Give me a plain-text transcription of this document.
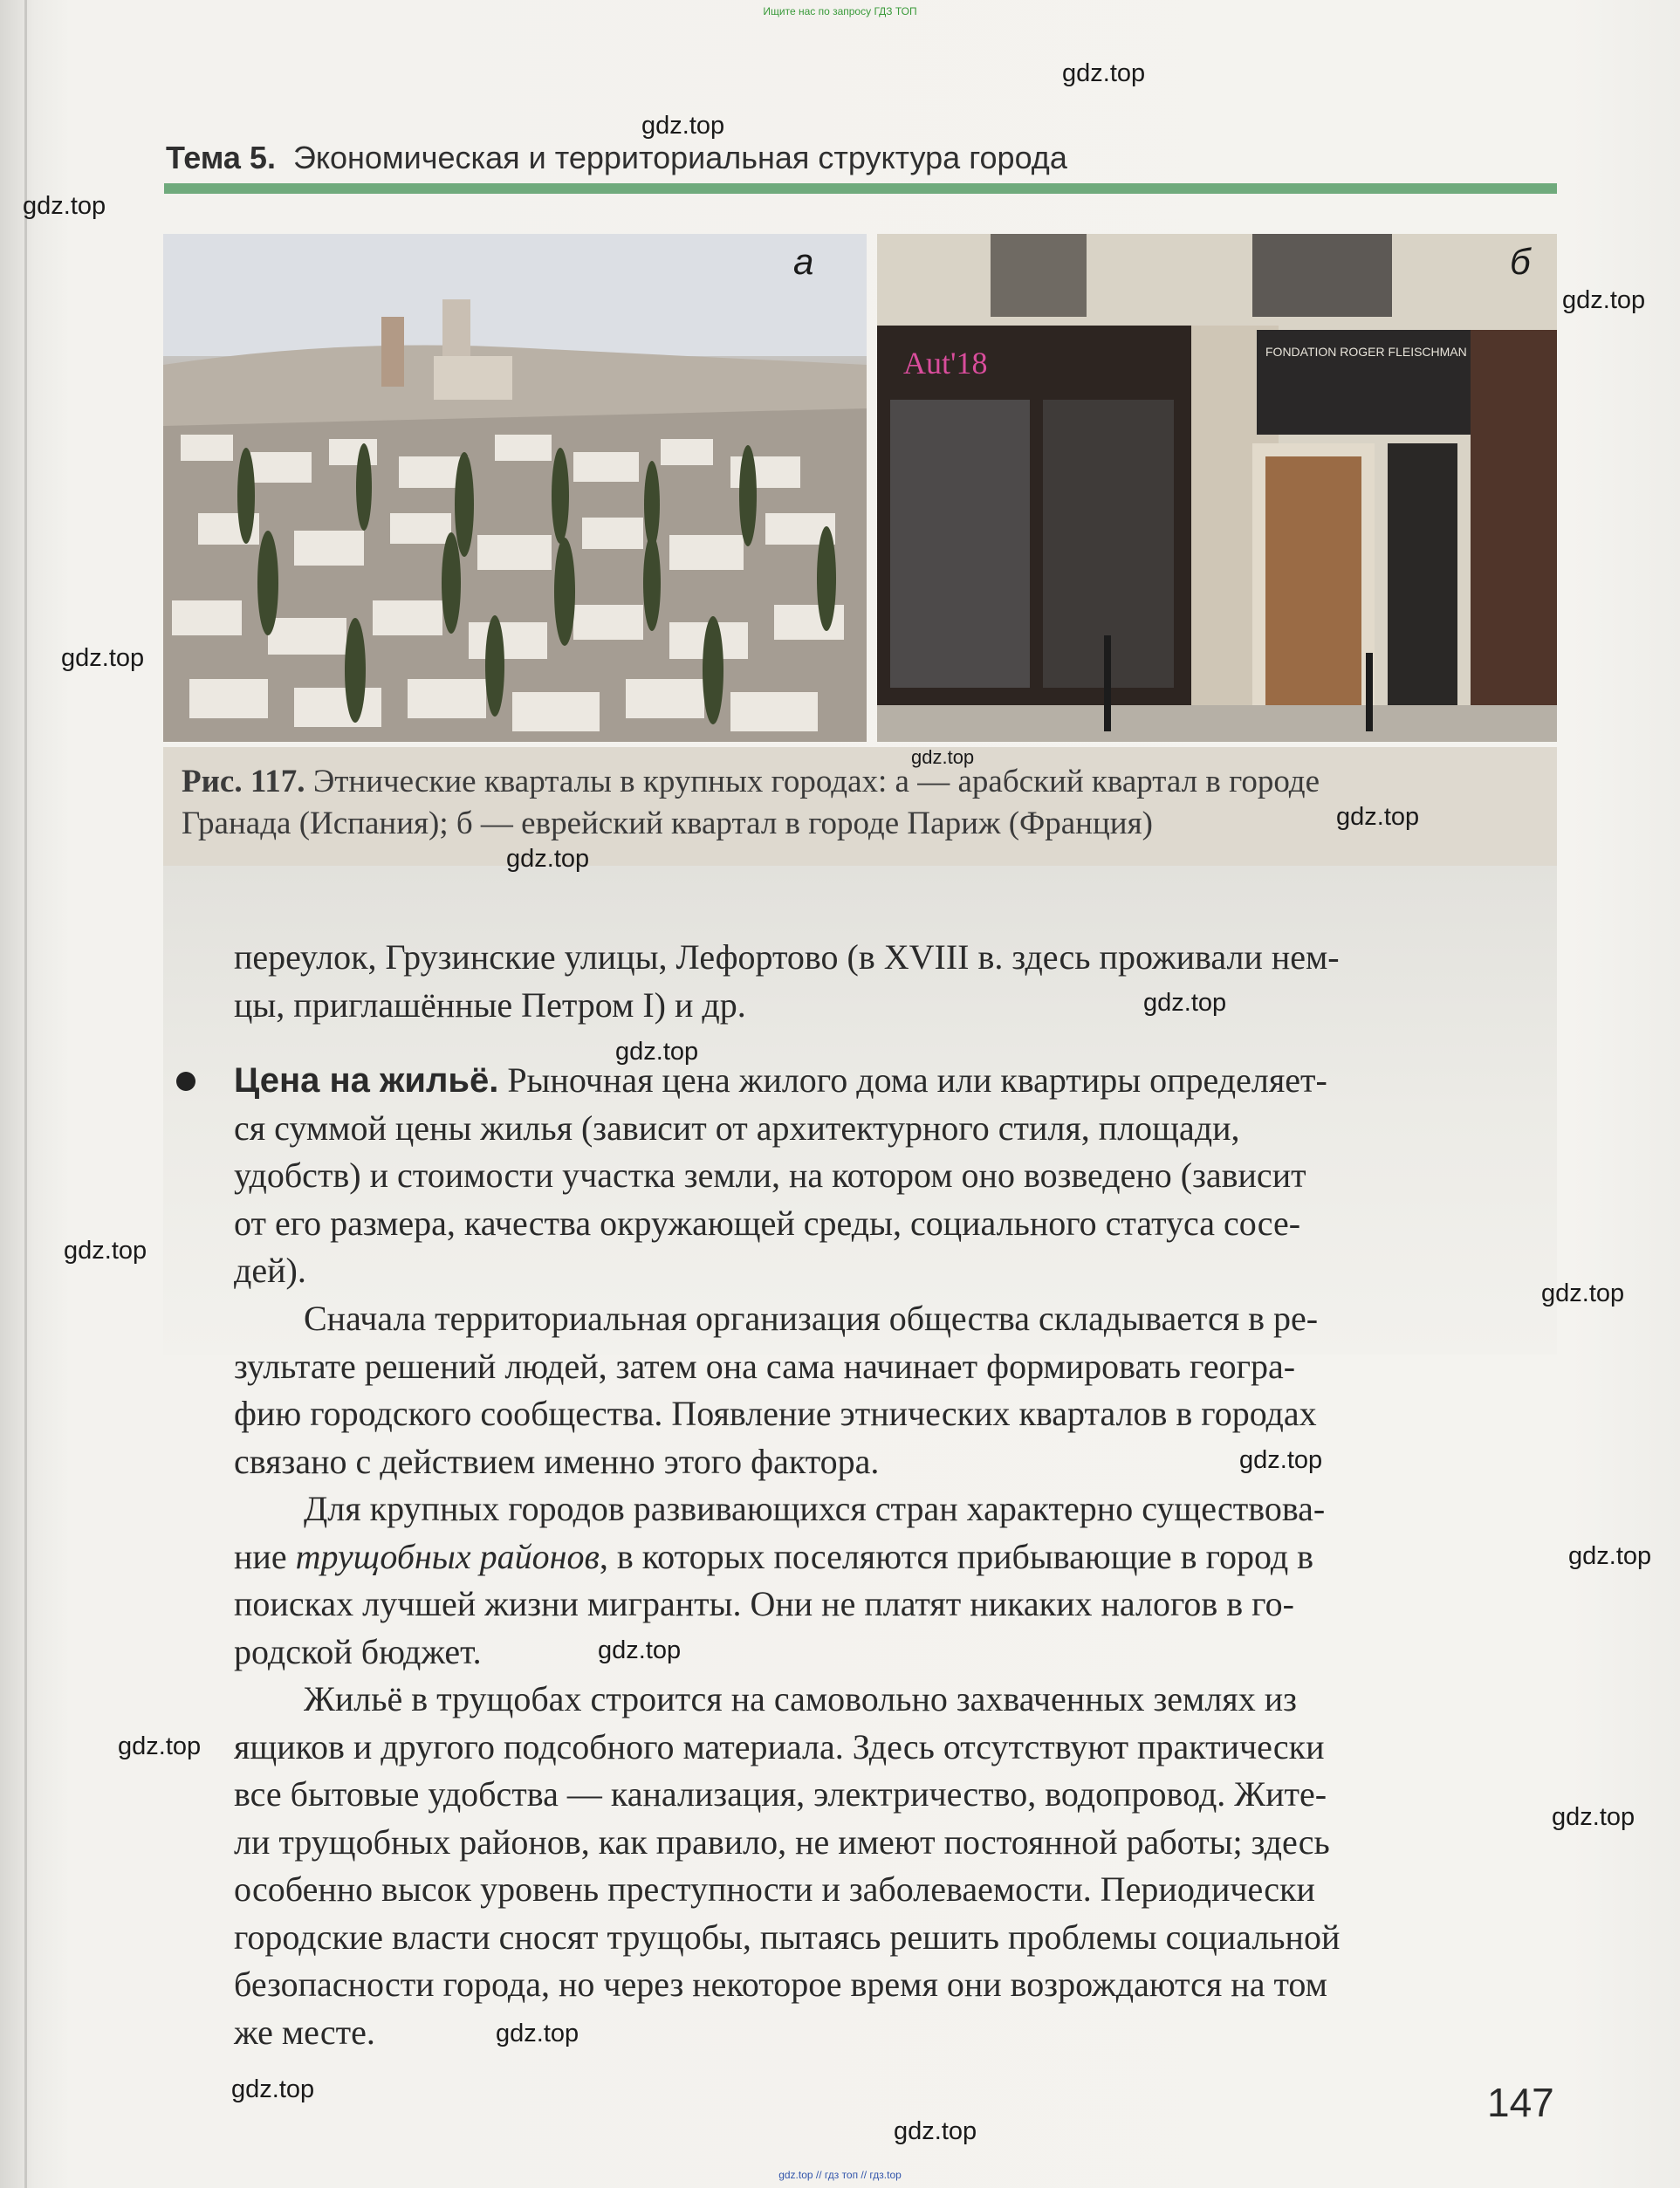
Ищите нас по запросу ГДЗ ТОП
Тема 5. Экономическая и территориальная структура города
а
Aut'18	FONDATION ROGER FLEISCHMAN
б
Рис. 117. Этнические кварталы в крупных городах: а — арабский квартал в городе
Гранада (Испания); б — еврейский квартал в городе Париж (Франция)
переулок, Грузинские улицы, Лефортово (в XVIII в. здесь проживали нем-
цы, приглашённые Петром I) и др.
Цена на жильё. Рыночная цена жилого дома или квартиры определяет-
ся суммой цены жилья (зависит от архитектурного стиля, площади,
удобств) и стоимости участка земли, на котором оно возведено (зависит
от его размера, качества окружающей среды, социального статуса сосе-
дей).
Сначала территориальная организация общества складывается в ре-
зультате решений людей, затем она сама начинает формировать геогра-
фию городского сообщества. Появление этнических кварталов в городах
связано с действием именно этого фактора.
Для крупных городов развивающихся стран характерно существова-
ние трущобных районов, в которых поселяются прибывающие в город в
поисках лучшей жизни мигранты. Они не платят никаких налогов в го-
родской бюджет.
Жильё в трущобах строится на самовольно захваченных землях из
ящиков и другого подсобного материала. Здесь отсутствуют практически
все бытовые удобства — канализация, электричество, водопровод. Жите-
ли трущобных районов, как правило, не имеют постоянной работы; здесь
особенно высок уровень преступности и заболеваемости. Периодически
городские власти сносят трущобы, пытаясь решить проблемы социальной
безопасности города, но через некоторое время они возрождаются на том
же месте.
147
gdz.top
gdz.top
gdz.top
gdz.top
gdz.top
gdz.top
gdz.top
gdz.top
gdz.top
gdz.top
gdz.top
gdz.top
gdz.top
gdz.top
gdz.top
gdz.top
gdz.top
gdz.top
gdz.top
gdz.top
gdz.top // гдз топ // гдз.top
